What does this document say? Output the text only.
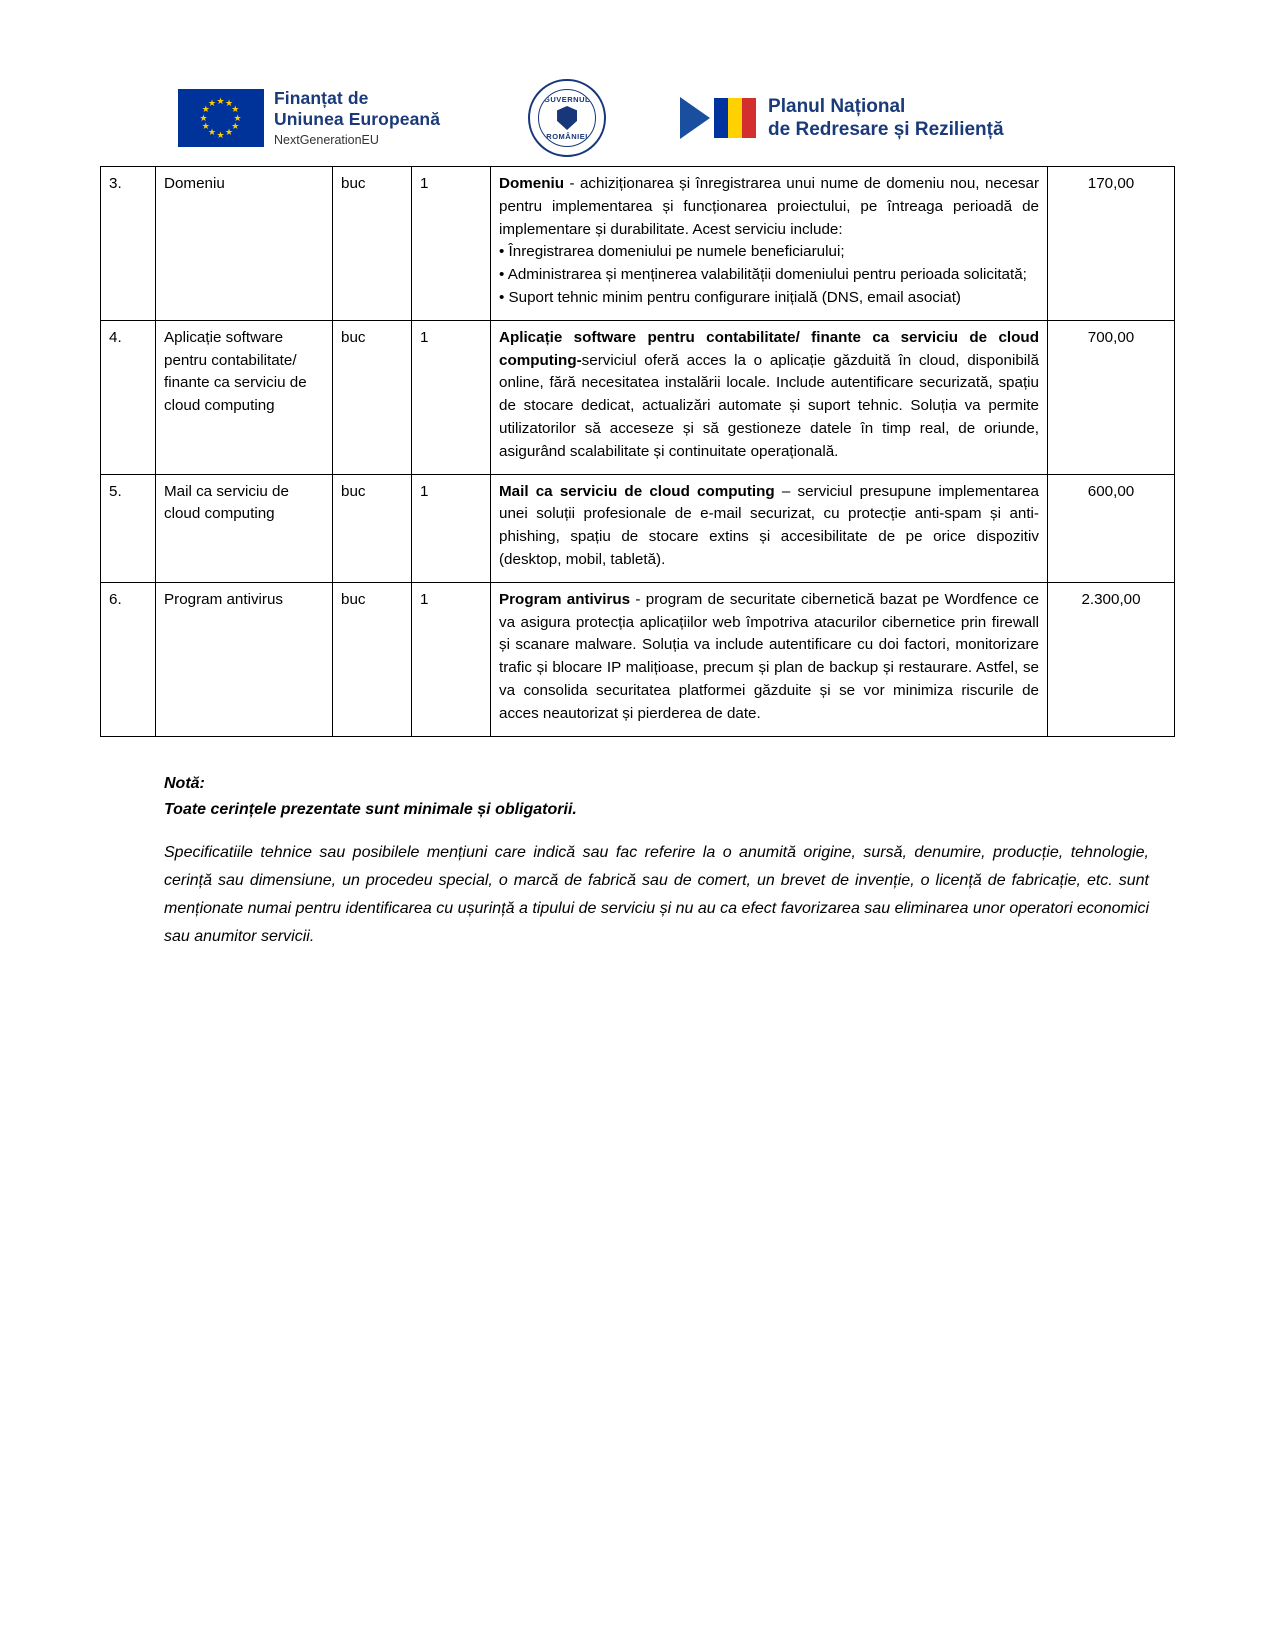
★ ★
★
★
★
★
★
★
★
★
★
★	Finanțat de
Uniunea Europeană
NextGenerationEU
GUVERNUL
ROMÂNIEI
Planul Național
de Redresare și Reziliență
3.	Domeniu	buc	1	Domeniu - achiziționarea și înregistrarea unui nume de domeniu nou, necesar pentru implementarea și funcționarea proiectului, pe întreaga perioadă de implementare și durabilitate. Acest serviciu include:

• Înregistrarea domeniului pe numele beneficiarului;

• Administrarea și menținerea valabilității domeniului pentru perioada solicitată;

• Suport tehnic minim pentru configurare inițială (DNS, email asociat)	170,00
4.	Aplicație software pentru contabilitate/ finante ca serviciu de cloud computing	buc	1	Aplicație software pentru contabilitate/ finante ca serviciu de cloud computing-serviciul oferă acces la o aplicație găzduită în cloud, disponibilă online, fără necesitatea instalării locale. Include autentificare securizată, spațiu de stocare dedicat, actualizări automate și suport tehnic. Soluția va permite utilizatorilor să acceseze și să gestioneze datele în timp real, de oriunde, asigurând scalabilitate și continuitate operațională.	700,00
5.	Mail ca serviciu de cloud computing	buc	1	Mail ca serviciu de cloud computing – serviciul presupune implementarea unei soluții profesionale de e-mail securizat, cu protecție anti-spam și anti-phishing, spațiu de stocare extins și accesibilitate de pe orice dispozitiv (desktop, mobil, tabletă).	600,00
6.	Program antivirus	buc	1	Program antivirus - program de securitate cibernetică bazat pe Wordfence ce va asigura protecția aplicațiilor web împotriva atacurilor cibernetice prin firewall și scanare malware. Soluția va include autentificare cu doi factori, monitorizare trafic și blocare IP malițioase, precum și plan de backup și restaurare. Astfel, se va consolida securitatea platformei găzduite și se vor minimiza riscurile de acces neautorizat și pierderea de date.	2.300,00

Notă:

Toate cerințele prezentate sunt minimale și obligatorii.

Specificatiile tehnice sau posibilele mențiuni care indică sau fac referire la o anumită origine, sursă, denumire, producție, tehnologie, cerință sau dimensiune, un procedeu special, o marcă de fabrică sau de comert, un brevet de invenție, o licență de fabricație, etc. sunt menționate numai pentru identificarea cu ușurință a tipului de serviciu și nu au ca efect favorizarea sau eliminarea unor operatori economici sau anumitor servicii.
